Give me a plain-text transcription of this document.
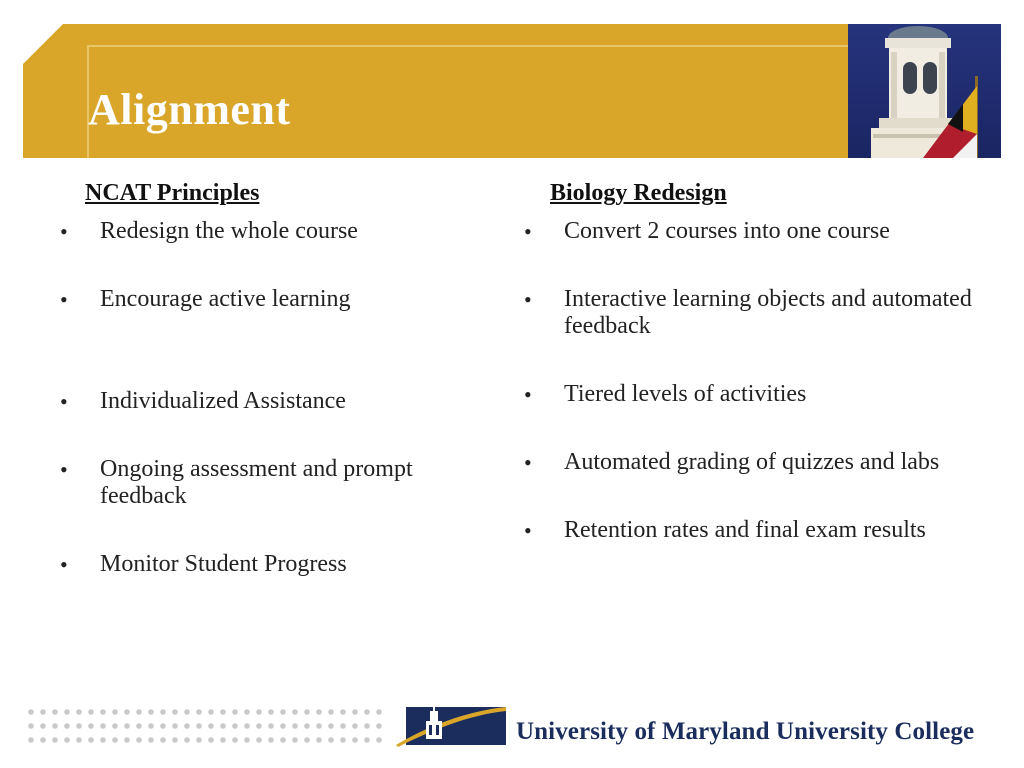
Alignment
NCAT Principles
• Redesign the whole course
• Encourage active learning
• Individualized Assistance
• Ongoing assessment and prompt feedback
• Monitor Student Progress
Biology Redesign
• Convert 2 courses into one course
• Interactive learning objects and automated feedback
• Tiered levels of activities
• Automated grading of quizzes and labs
• Retention rates and final exam results
University of Maryland University College
